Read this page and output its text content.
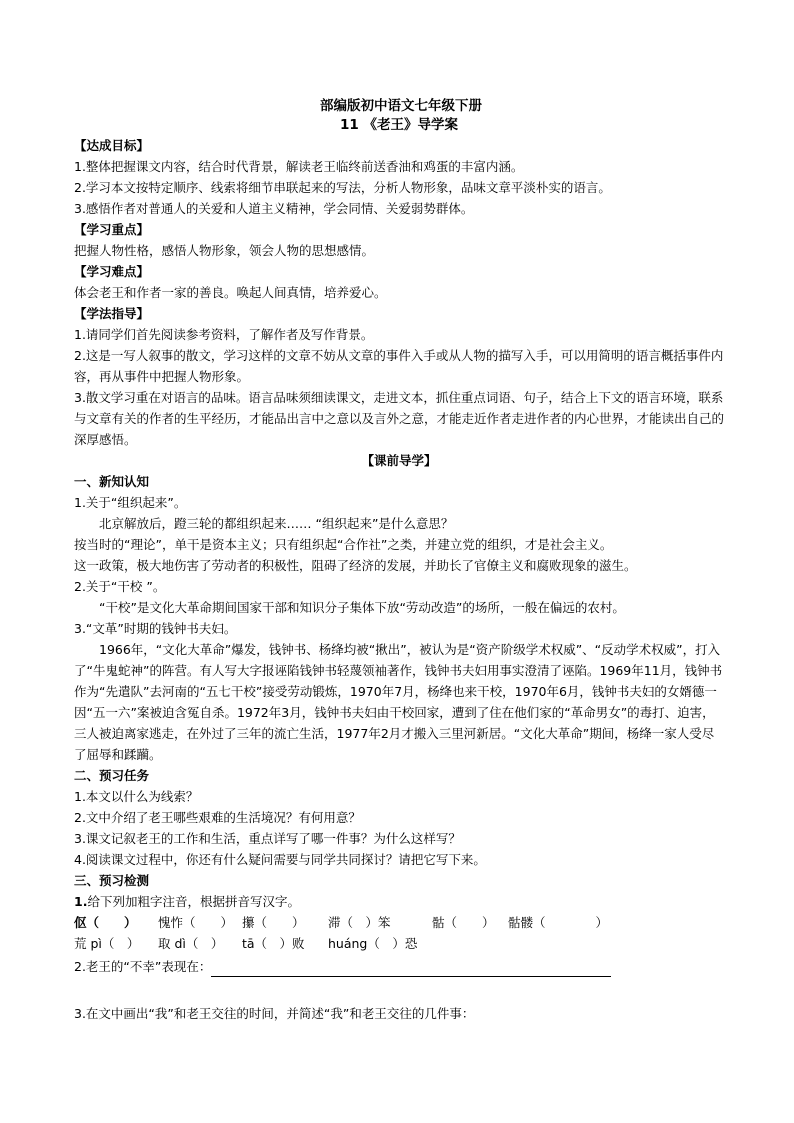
部编版初中语文七年级下册

11 《老王》导学案

【达成目标】

1.整体把握课文内容，结合时代背景，解读老王临终前送香油和鸡蛋的丰富内涵。

2.学习本文按特定顺序、线索将细节串联起来的写法，分析人物形象，品味文章平淡朴实的语言。

3.感悟作者对普通人的关爱和人道主义精神，学会同情、关爱弱势群体。

【学习重点】

把握人物性格，感悟人物形象，领会人物的思想感情。

【学习难点】

体会老王和作者一家的善良。唤起人间真情，培养爱心。

【学法指导】

1.请同学们首先阅读参考资料，了解作者及写作背景。

2.这是一写人叙事的散文，学习这样的文章不妨从文章的事件入手或从人物的描写入手，可以用简明的语言概括事件内容，再从事件中把握人物形象。

3.散文学习重在对语言的品味。语言品味须细读课文，走进文本，抓住重点词语、句子，结合上下文的语言环境，联系与文章有关的作者的生平经历，才能品出言中之意以及言外之意，才能走近作者走进作者的内心世界，才能读出自己的深厚感悟。

【课前导学】

一、新知认知

1.关于“组织起来”。

北京解放后，蹬三轮的都组织起来…… “组织起来”是什么意思？

按当时的“理论”，单干是资本主义；只有组织起“合作社”之类，并建立党的组织，才是社会主义。

这一政策，极大地伤害了劳动者的积极性，阻碍了经济的发展，并助长了官僚主义和腐败现象的滋生。

2.关于“干校 ”。

“干校”是文化大革命期间国家干部和知识分子集体下放“劳动改造”的场所，一般在偏远的农村。

3.“文革”时期的钱钟书夫妇。

1966年，“文化大革命”爆发，钱钟书、杨绛均被“揪出”，被认为是“资产阶级学术权威”、“反动学术权威”，打入了“牛鬼蛇神”的阵营。有人写大字报诬陷钱钟书轻蔑领袖著作，钱钟书夫妇用事实澄清了诬陷。1969年11月，钱钟书作为“先遣队”去河南的“五七干校”接受劳动锻炼，1970年7月，杨绛也来干校，1970年6月，钱钟书夫妇的女婿德一因“五一六”案被迫含冤自杀。1972年3月，钱钟书夫妇由干校回家，遭到了住在他们家的“革命男女”的毒打、迫害，三人被迫离家逃走，在外过了三年的流亡生活，1977年2月才搬入三里河新居。“文化大革命”期间，杨绛一家人受尽了屈辱和蹂躏。

二、预习任务

1.本文以什么为线索？

2.文中介绍了老王哪些艰难的生活境况？有何用意？

3.课文记叙老王的工作和生活，重点详写了哪一件事？为什么这样写？

4.阅读课文过程中，你还有什么疑问需要与同学共同探讨？请把它写下来。

三、预习检测

1.给下列加粗字注音，根据拼音写汉字。

伛（　　） 愧怍（　　） 攥（　　） 滞（　）笨	骷（　　） 骷髅（　　　　）

荒 pì（　） 取 dì（　） tā（　）败 huáng（　）恐

2.老王的“不幸”表现在：

3.在文中画出“我”和老王交往的时间，并简述“我”和老王交往的几件事：
